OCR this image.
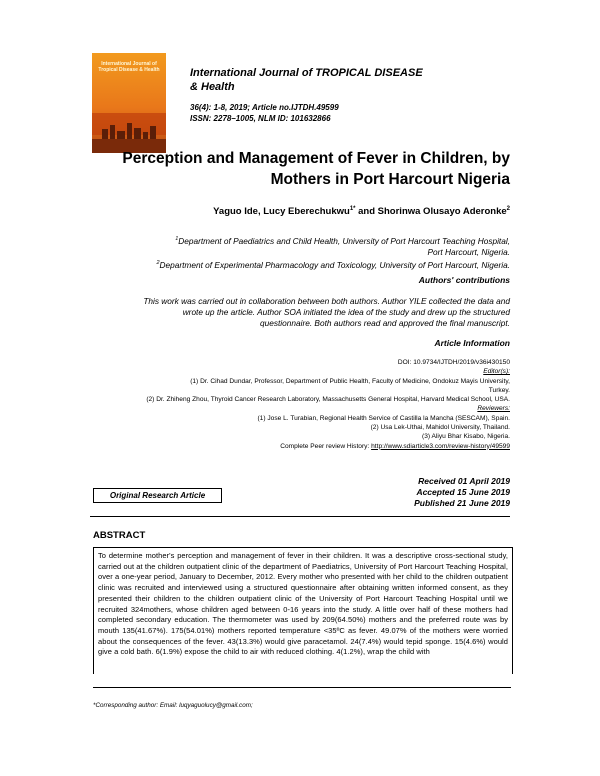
International Journal of Tropical Disease & Health	International Journal of TROPICAL DISEASE
& Health
36(4): 1-8, 2019; Article no.IJTDH.49599
ISSN: 2278–1005, NLM ID: 101632866
Perception and Management of Fever in Children, by
Mothers in Port Harcourt Nigeria
Yaguo Ide, Lucy Eberechukwu$^{1*}$ and Shorinwa Olusayo Aderonke$^2$
$^1$Department of Paediatrics and Child Health, University of Port Harcourt Teaching Hospital,
Port Harcourt, Nigeria.
$^2$Department of Experimental Pharmacology and Toxicology, University of Port Harcourt, Nigeria.
Authors' contributions
This work was carried out in collaboration between both authors. Author YILE collected the data and
wrote up the article. Author SOA initiated the idea of the study and drew up the structured
questionnaire. Both authors read and approved the final manuscript.
Article Information
DOI: 10.9734/IJTDH/2019/v36i430150
Editor(s):
(1) Dr. Cihad Dundar, Professor, Department of Public Health, Faculty of Medicine, Ondokuz Mayis University,
Turkey.
(2) Dr. Zhiheng Zhou, Thyroid Cancer Research Laboratory, Massachusetts General Hospital, Harvard Medical School, USA.
Reviewers:
(1) Jose L. Turabian, Regional Health Service of Castilla la Mancha (SESCAM), Spain.
(2) Usa Lek-Uthai, Mahidol University, Thailand.
(3) Aliyu Bhar Kisabo, Nigeria.
Complete Peer review History: http://www.sdiarticle3.com/review-history/49599
Received 01 April 2019
Accepted 15 June 2019
Published 21 June 2019
Original Research Article
ABSTRACT
To determine mother's perception and management of fever in their children. It was a descriptive cross-sectional study, carried out at the children outpatient clinic of the department of Paediatrics, University of Port Harcourt Teaching Hospital, over a one-year period, January to December, 2012. Every mother who presented with her child to the children outpatient clinic was recruited and interviewed using a structured questionnaire after obtaining written informed consent, as they presented their children to the children outpatient clinic of the University of Port Harcourt Teaching Hospital until we recruited 324mothers, whose children aged between 0-16 years into the study. A little over half of these mothers had completed secondary education. The thermometer was used by 209(64.50%) mothers and the preferred route was by mouth 135(41.67%). 175(54.01%) mothers reported temperature <35ºC as fever. 49.07% of the mothers were worried about the consequences of the fever. 43(13.3%) would give paracetamol. 24(7.4%) would tepid sponge. 15(4.6%) would give a cold bath. 6(1.9%) expose the child to air with reduced clothing. 4(1.2%), wrap the child with
*Corresponding author: Email: luqyaguolucy@gmail.com;
